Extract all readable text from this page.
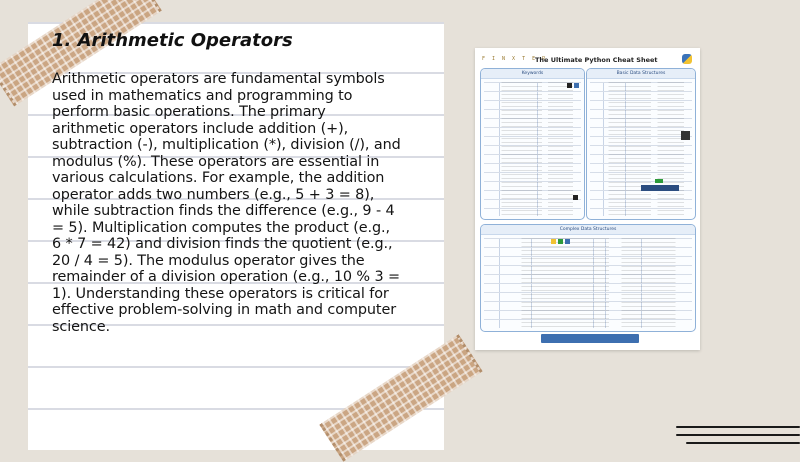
1. Arithmetic Operators

Arithmetic operators are fundamental symbols used in mathematics and programming to perform basic operations. The primary arithmetic operators include addition (+), subtraction (-), multiplication (*), division (/), and modulus (%). These operators are essential in various calculations. For example, the addition operator adds two numbers (e.g., 5 + 3 = 8), while subtraction finds the difference (e.g., 9 - 4 = 5). Multiplication computes the product (e.g., 6 * 7 = 42) and division finds the quotient (e.g., 20 / 4 = 5). The modulus operator gives the remainder of a division operation (e.g., 10 % 3 = 1). Understanding these operators is critical for effective problem-solving in math and computer science.

F I N X T E R
The Ultimate Python Cheat Sheet
Keywords	Basic Data Structures
Complex Data Structures
